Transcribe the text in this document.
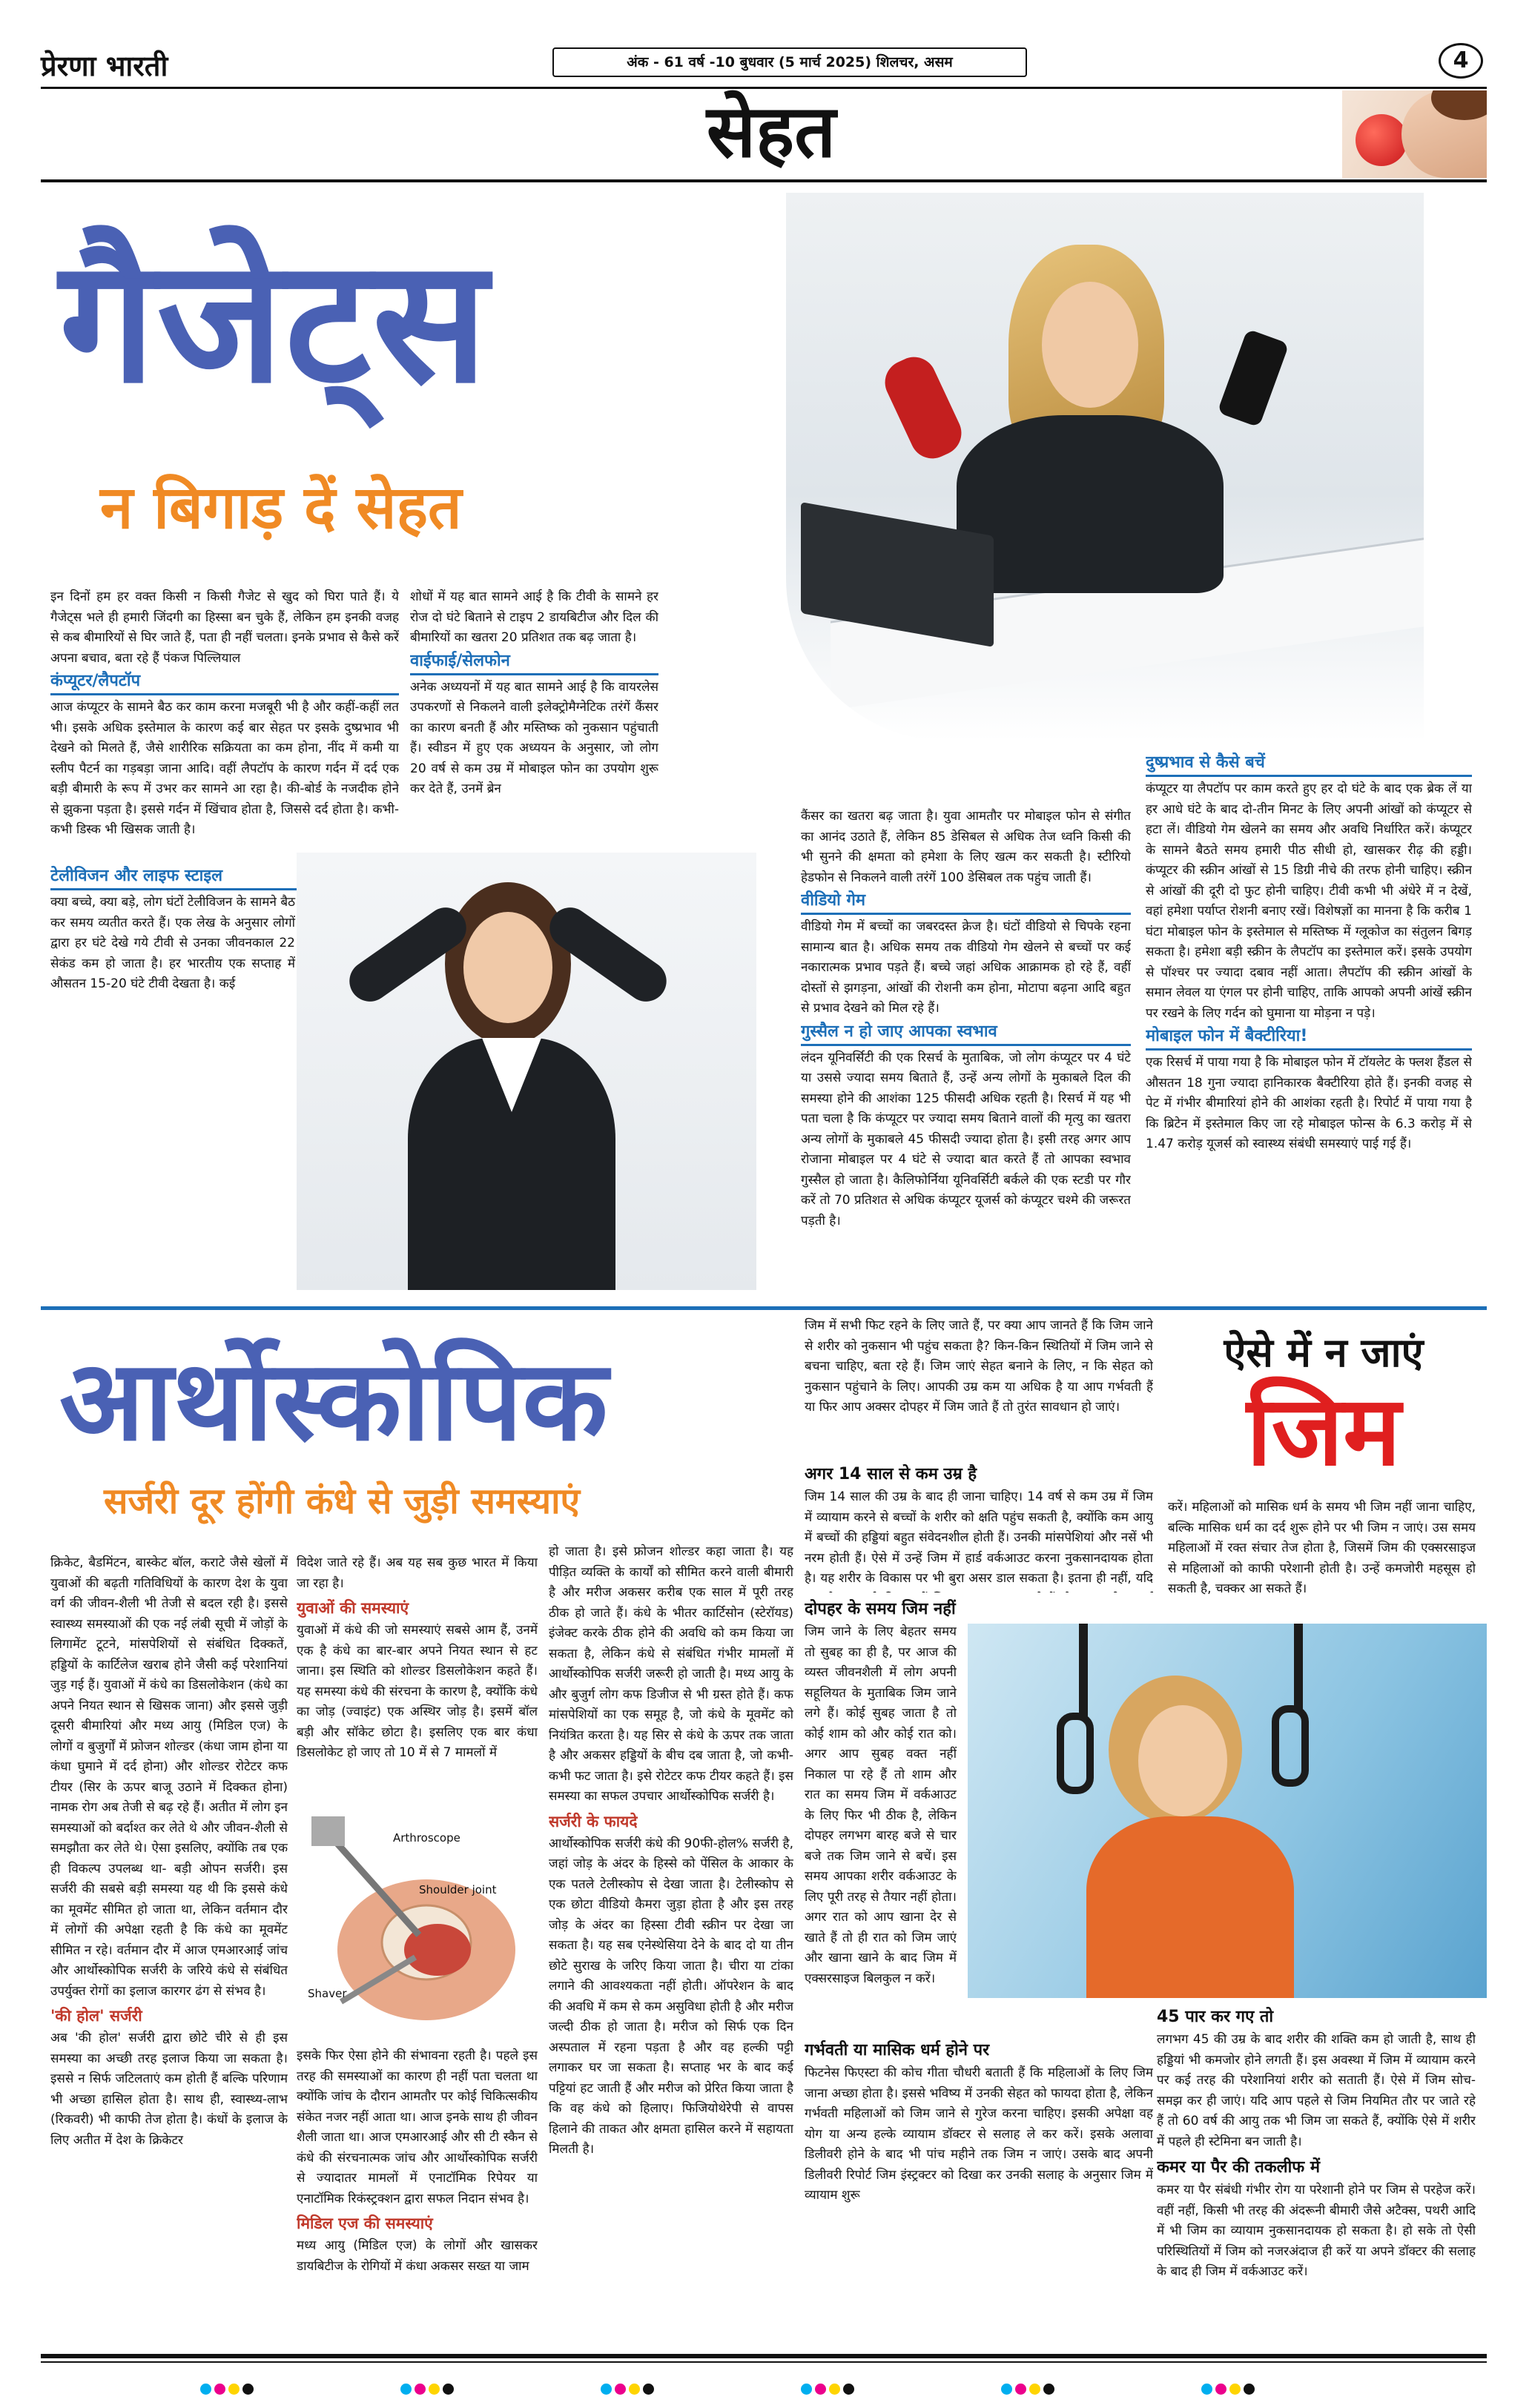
प्रेरणा भारती	अंक - 61 वर्ष -10 बुधवार (5 मार्च 2025) शिलचर, असम	4
सेहत
गैजेट्स
न बिगाड़ दें सेहत

इन दिनों हम हर वक्त किसी न किसी गैजेट से खुद को घिरा पाते हैं। ये गैजेट्स भले ही हमारी जिंदगी का हिस्सा बन चुके हैं, लेकिन हम इनकी वजह से कब बीमारियों से घिर जाते हैं, पता ही नहीं चलता। इनके प्रभाव से कैसे करें अपना बचाव, बता रहे हैं पंकज पिल्लियाल

कंप्यूटर/लैपटॉप

आज कंप्यूटर के सामने बैठ कर काम करना मजबूरी भी है और कहीं-कहीं लत भी। इसके अधिक इस्तेमाल के कारण कई बार सेहत पर इसके दुष्प्रभाव भी देखने को मिलते हैं, जैसे शारीरिक सक्रियता का कम होना, नींद में कमी या स्लीप पैटर्न का गड़बड़ा जाना आदि। वहीं लैपटॉप के कारण गर्दन में दर्द एक बड़ी बीमारी के रूप में उभर कर सामने आ रहा है। की-बोर्ड के नजदीक होने से झुकना पड़ता है। इससे गर्दन में खिंचाव होता है, जिससे दर्द होता है। कभी-कभी डिस्क भी खिसक जाती है।

टेलीविजन और लाइफ स्टाइल

क्या बच्चे, क्या बड़े, लोग घंटों टेलीविजन के सामने बैठ कर समय व्यतीत करते हैं। एक लेख के अनुसार लोगों द्वारा हर घंटे देखे गये टीवी से उनका जीवनकाल 22 सेकंड कम हो जाता है। हर भारतीय एक सप्ताह में औसतन 15-20 घंटे टीवी देखता है। कई

शोधों में यह बात सामने आई है कि टीवी के सामने हर रोज दो घंटे बिताने से टाइप 2 डायबिटीज और दिल की बीमारियों का खतरा 20 प्रतिशत तक बढ़ जाता है।

वाईफाई/सेलफोन

अनेक अध्ययनों में यह बात सामने आई है कि वायरलेस उपकरणों से निकलने वाली इलेक्ट्रोमैग्नेटिक तरंगें कैंसर का कारण बनती हैं और मस्तिष्क को नुकसान पहुंचाती हैं। स्वीडन में हुए एक अध्ययन के अनुसार, जो लोग 20 वर्ष से कम उम्र में मोबाइल फोन का उपयोग शुरू कर देते हैं, उनमें ब्रेन

कैंसर का खतरा बढ़ जाता है। युवा आमतौर पर मोबाइल फोन से संगीत का आनंद उठाते हैं, लेकिन 85 डेसिबल से अधिक तेज ध्वनि किसी की भी सुनने की क्षमता को हमेशा के लिए खत्म कर सकती है। स्टीरियो हेडफोन से निकलने वाली तरंगें 100 डेसिबल तक पहुंच जाती हैं।

वीडियो गेम

वीडियो गेम में बच्चों का जबरदस्त क्रेज है। घंटों वीडियो से चिपके रहना सामान्य बात है। अधिक समय तक वीडियो गेम खेलने से बच्चों पर कई नकारात्मक प्रभाव पड़ते हैं। बच्चे जहां अधिक आक्रामक हो रहे हैं, वहीं दोस्तों से झगड़ना, आंखों की रोशनी कम होना, मोटापा बढ़ना आदि बहुत से प्रभाव देखने को मिल रहे हैं।

गुस्सैल न हो जाए आपका स्वभाव

लंदन यूनिवर्सिटी की एक रिसर्च के मुताबिक, जो लोग कंप्यूटर पर 4 घंटे या उससे ज्यादा समय बिताते हैं, उन्हें अन्य लोगों के मुकाबले दिल की समस्या होने की आशंका 125 फीसदी अधिक रहती है। रिसर्च में यह भी पता चला है कि कंप्यूटर पर ज्यादा समय बिताने वालों की मृत्यु का खतरा अन्य लोगों के मुकाबले 45 फीसदी ज्यादा होता है। इसी तरह अगर आप रोजाना मोबाइल पर 4 घंटे से ज्यादा बात करते हैं तो आपका स्वभाव गुस्सैल हो जाता है। कैलिफोर्निया यूनिवर्सिटी बर्कले की एक स्टडी पर गौर करें तो 70 प्रतिशत से अधिक कंप्यूटर यूजर्स को कंप्यूटर चश्मे की जरूरत पड़ती है।

दुष्प्रभाव से कैसे बचें

कंप्यूटर या लैपटॉप पर काम करते हुए हर दो घंटे के बाद एक ब्रेक लें या हर आधे घंटे के बाद दो-तीन मिनट के लिए अपनी आंखों को कंप्यूटर से हटा लें। वीडियो गेम खेलने का समय और अवधि निर्धारित करें। कंप्यूटर के सामने बैठते समय हमारी पीठ सीधी हो, खासकर रीढ़ की हड्डी। कंप्यूटर की स्क्रीन आंखों से 15 डिग्री नीचे की तरफ होनी चाहिए। स्क्रीन से आंखों की दूरी दो फुट होनी चाहिए। टीवी कभी भी अंधेरे में न देखें, वहां हमेशा पर्याप्त रोशनी बनाए रखें। विशेषज्ञों का मानना है कि करीब 1 घंटा मोबाइल फोन के इस्तेमाल से मस्तिष्क में ग्लूकोज का संतुलन बिगड़ सकता है। हमेशा बड़ी स्क्रीन के लैपटॉप का इस्तेमाल करें। इसके उपयोग से पॉश्चर पर ज्यादा दबाव नहीं आता। लैपटॉप की स्क्रीन आंखों के समान लेवल या एंगल पर होनी चाहिए, ताकि आपको अपनी आंखें स्क्रीन पर रखने के लिए गर्दन को घुमाना या मोड़ना न पड़े।

मोबाइल फोन में बैक्टीरिया!

एक रिसर्च में पाया गया है कि मोबाइल फोन में टॉयलेट के फ्लश हैंडल से औसतन 18 गुना ज्यादा हानिकारक बैक्टीरिया होते हैं। इनकी वजह से पेट में गंभीर बीमारियां होने की आशंका रहती है। रिपोर्ट में पाया गया है कि ब्रिटेन में इस्तेमाल किए जा रहे मोबाइल फोन्स के 6.3 करोड़ में से 1.47 करोड़ यूजर्स को स्वास्थ्य संबंधी समस्याएं पाई गई हैं।

आर्थोस्कोपिक
सर्जरी दूर होंगी कंधे से जुड़ी समस्याएं

क्रिकेट, बैडमिंटन, बास्केट बॉल, कराटे जैसे खेलों में युवाओं की बढ़ती गतिविधियों के कारण देश के युवा वर्ग की जीवन-शैली भी तेजी से बदल रही है। इससे स्वास्थ्य समस्याओं की एक नई लंबी सूची में जोड़ों के लिगामेंट टूटने, मांसपेशियों से संबंधित दिक्कतें, हड्डियों के कार्टिलेज खराब होने जैसी कई परेशानियां जुड़ गई हैं। युवाओं में कंधे का डिसलोकेशन (कंधे का अपने नियत स्थान से खिसक जाना) और इससे जुड़ी दूसरी बीमारियां और मध्य आयु (मिडिल एज) के लोगों व बुजुर्गों में फ्रोजन शोल्डर (कंधा जाम होना या कंधा घुमाने में दर्द होना) और शोल्डर रोटेटर कफ टीयर (सिर के ऊपर बाजू उठाने में दिक्कत होना) नामक रोग अब तेजी से बढ़ रहे हैं। अतीत में लोग इन समस्याओं को बर्दाश्त कर लेते थे और जीवन-शैली से समझौता कर लेते थे। ऐसा इसलिए, क्योंकि तब एक ही विकल्प उपलब्ध था- बड़ी ओपन सर्जरी। इस सर्जरी की सबसे बड़ी समस्या यह थी कि इससे कंधे का मूवमेंट सीमित हो जाता था, लेकिन वर्तमान दौर में लोगों की अपेक्षा रहती है कि कंधे का मूवमेंट सीमित न रहे। वर्तमान दौर में आज एमआरआई जांच और आर्थोस्कोपिक सर्जरी के जरिये कंधे से संबंधित उपर्युक्त रोगों का इलाज कारगर ढंग से संभव है।

'की होल' सर्जरी

अब 'की होल' सर्जरी द्वारा छोटे चीरे से ही इस समस्या का अच्छी तरह इलाज किया जा सकता है। इससे न सिर्फ जटिलताएं कम होती हैं बल्कि परिणाम भी अच्छा हासिल होता है। साथ ही, स्वास्थ्य-लाभ (रिकवरी) भी काफी तेज होता है। कंधों के इलाज के लिए अतीत में देश के क्रिकेटर

विदेश जाते रहे हैं। अब यह सब कुछ भारत में किया जा रहा है।

युवाओं की समस्याएं

युवाओं में कंधे की जो समस्याएं सबसे आम हैं, उनमें एक है कंधे का बार-बार अपने नियत स्थान से हट जाना। इस स्थिति को शोल्डर डिसलोकेशन कहते हैं। यह समस्या कंधे की संरचना के कारण है, क्योंकि कंधे का जोड़ (ज्वाइंट) एक अस्थिर जोड़ है। इसमें बॉल बड़ी और सॉकेट छोटा है। इसलिए एक बार कंधा डिसलोकेट हो जाए तो 10 में से 7 मामलों में

Arthroscope
Shoulder joint
Shaver

इसके फिर ऐसा होने की संभावना रहती है। पहले इस तरह की समस्याओं का कारण ही नहीं पता चलता था क्योंकि जांच के दौरान आमतौर पर कोई चिकित्सकीय संकेत नजर नहीं आता था। आज इनके साथ ही जीवन शैली जाता था। आज एमआरआई और सी टी स्कैन से कंधे की संरचनात्मक जांच और आर्थोस्कोपिक सर्जरी से ज्यादातर मामलों में एनाटॉमिक रिपेयर या एनाटॉमिक रिकंस्ट्रक्शन द्वारा सफल निदान संभव है।

मिडिल एज की समस्याएं

मध्य आयु (मिडिल एज) के लोगों और खासकर डायबिटीज के रोगियों में कंधा अकसर सख्त या जाम

हो जाता है। इसे फ्रोजन शोल्डर कहा जाता है। यह पीड़ित व्यक्ति के कार्यों को सीमित करने वाली बीमारी है और मरीज अकसर करीब एक साल में पूरी तरह ठीक हो जाते हैं। कंधे के भीतर कार्टिसोन (स्टेरॉयड) इंजेक्ट करके ठीक होने की अवधि को कम किया जा सकता है, लेकिन कंधे से संबंधित गंभीर मामलों में आर्थोस्कोपिक सर्जरी जरूरी हो जाती है। मध्य आयु के और बुजुर्ग लोग कफ डिजीज से भी ग्रस्त होते हैं। कफ मांसपेशियों का एक समूह है, जो कंधे के मूवमेंट को नियंत्रित करता है। यह सिर से कंधे के ऊपर तक जाता है और अकसर हड्डियों के बीच दब जाता है, जो कभी-कभी फट जाता है। इसे रोटेटर कफ टीयर कहते हैं। इस समस्या का सफल उपचार आर्थोस्कोपिक सर्जरी है।

सर्जरी के फायदे

आर्थोस्कोपिक सर्जरी कंधे की 90फी-होल% सर्जरी है, जहां जोड़ के अंदर के हिस्से को पेंसिल के आकार के एक पतले टेलीस्कोप से देखा जाता है। टेलीस्कोप से एक छोटा वीडियो कैमरा जुड़ा होता है और इस तरह जोड़ के अंदर का हिस्सा टीवी स्क्रीन पर देखा जा सकता है। यह सब एनेस्थेसिया देने के बाद दो या तीन छोटे सुराख के जरिए किया जाता है। चीरा या टांका लगाने की आवश्यकता नहीं होती। ऑपरेशन के बाद की अवधि में कम से कम असुविधा होती है और मरीज जल्दी ठीक हो जाता है। मरीज को सिर्फ एक दिन अस्पताल में रहना पड़ता है और वह हल्की पट्टी लगाकर घर जा सकता है। सप्ताह भर के बाद कई पट्टियां हट जाती हैं और मरीज को प्रेरित किया जाता है कि वह कंधे को हिलाए। फिजियोथेरेपी से वापस हिलाने की ताकत और क्षमता हासिल करने में सहायता मिलती है।

ऐसे में न जाएं
जिम

जिम में सभी फिट रहने के लिए जाते हैं, पर क्या आप जानते हैं कि जिम जाने से शरीर को नुकसान भी पहुंच सकता है? किन-किन स्थितियों में जिम जाने से बचना चाहिए, बता रहे हैं। जिम जाएं सेहत बनाने के लिए, न कि सेहत को नुकसान पहुंचाने के लिए। आपकी उम्र कम या अधिक है या आप गर्भवती हैं या फिर आप अक्सर दोपहर में जिम जाते हैं तो तुरंत सावधान हो जाएं।

अगर 14 साल से कम उम्र है

जिम 14 साल की उम्र के बाद ही जाना चाहिए। 14 वर्ष से कम उम्र में जिम में व्यायाम करने से बच्चों के शरीर को क्षति पहुंच सकती है, क्योंकि कम आयु में बच्चों की हड्डियां बहुत संवेदनशील होती हैं। उनकी मांसपेशियां और नसें भी नरम होती हैं। ऐसे में उन्हें जिम में हार्ड वर्कआउट करना नुकसानदायक होता है। यह शरीर के विकास पर भी बुरा असर डाल सकता है। इतना ही नहीं, यदि

दोपहर के समय जिम नहीं

जिम जाने के लिए बेहतर समय तो सुबह का ही है, पर आज की व्यस्त जीवनशैली में लोग अपनी सहूलियत के मुताबिक जिम जाने लगे हैं। कोई सुबह जाता है तो कोई शाम को और कोई रात को। अगर आप सुबह वक्त नहीं निकाल पा रहे हैं तो शाम और रात का समय जिम में वर्कआउट के लिए फिर भी ठीक है, लेकिन दोपहर लगभग बारह बजे से चार बजे तक जिम जाने से बचें। इस समय आपका शरीर वर्कआउट के लिए पूरी तरह से तैयार नहीं होता। अगर रात को आप खाना देर से खाते हैं तो ही रात को जिम जाएं और खाना खाने के बाद जिम में एक्सरसाइज बिलकुल न करें।

करें। महिलाओं को मासिक धर्म के समय भी जिम नहीं जाना चाहिए, बल्कि मासिक धर्म का दर्द शुरू होने पर भी जिम न जाएं। उस समय महिलाओं में रक्त संचार तेज होता है, जिसमें जिम की एक्सरसाइज से महिलाओं को काफी परेशानी होती है। उन्हें कमजोरी महसूस हो सकती है, चक्कर आ सकते हैं।

गर्भवती या मासिक धर्म होने पर

फिटनेस फिएस्टा की कोच गीता चौधरी बताती हैं कि महिलाओं के लिए जिम जाना अच्छा होता है। इससे भविष्य में उनकी सेहत को फायदा होता है, लेकिन गर्भवती महिलाओं को जिम जाने से गुरेज करना चाहिए। इसकी अपेक्षा वह योग या अन्य हल्के व्यायाम डॉक्टर से सलाह ले कर करें। इसके अलावा डिलीवरी होने के बाद भी पांच महीने तक जिम न जाएं। उसके बाद अपनी डिलीवरी रिपोर्ट जिम इंस्ट्रक्टर को दिखा कर उनकी सलाह के अनुसार जिम में व्यायाम शुरू

45 पार कर गए तो

लगभग 45 की उम्र के बाद शरीर की शक्ति कम हो जाती है, साथ ही हड्डियां भी कमजोर होने लगती हैं। इस अवस्था में जिम में व्यायाम करने पर कई तरह की परेशानियां शरीर को सताती हैं। ऐसे में जिम सोच-समझ कर ही जाएं। यदि आप पहले से जिम नियमित तौर पर जाते रहे हैं तो 60 वर्ष की आयु तक भी जिम जा सकते हैं, क्योंकि ऐसे में शरीर में पहले ही स्टेमिना बन जाती है।

कमर या पैर की तकलीफ में

कमर या पैर संबंधी गंभीर रोग या परेशानी होने पर जिम से परहेज करें। वहीं नहीं, किसी भी तरह की अंदरूनी बीमारी जैसे अटैक्स, पथरी आदि में भी जिम का व्यायाम नुकसानदायक हो सकता है। हो सके तो ऐसी परिस्थितियों में जिम को नजरअंदाज ही करें या अपने डॉक्टर की सलाह के बाद ही जिम में वर्कआउट करें।
